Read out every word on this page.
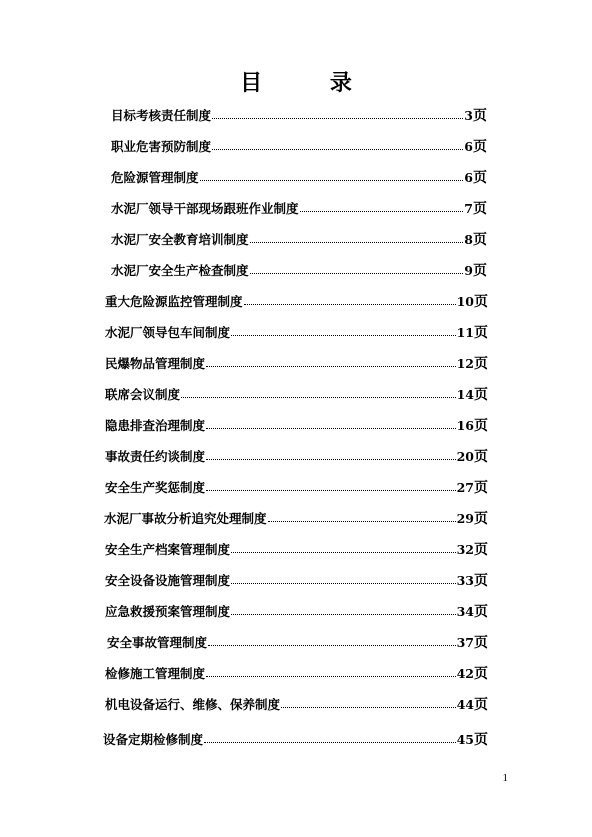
目 录
目标考核责任制度	3 页
职业危害预防制度	6 页
危险源管理制度	6 页
水泥厂领导干部现场跟班作业制度	7 页
水泥厂安全教育培训制度	8 页
水泥厂安全生产检查制度	9 页
重大危险源监控管理制度	10 页
水泥厂领导包车间制度	11 页
民爆物品管理制度	12 页
联席会议制度	14 页
隐患排查治理制度	16 页
事故责任约谈制度	20 页
安全生产奖惩制度	27 页
水泥厂事故分析追究处理制度	29 页
安全生产档案管理制度	32 页
安全设备设施管理制度	33 页
应急救援预案管理制度	34 页
安全事故管理制度	37 页
检修施工管理制度	42 页
机电设备运行、维修、保养制度	44 页
设备定期检修制度	45 页
1
